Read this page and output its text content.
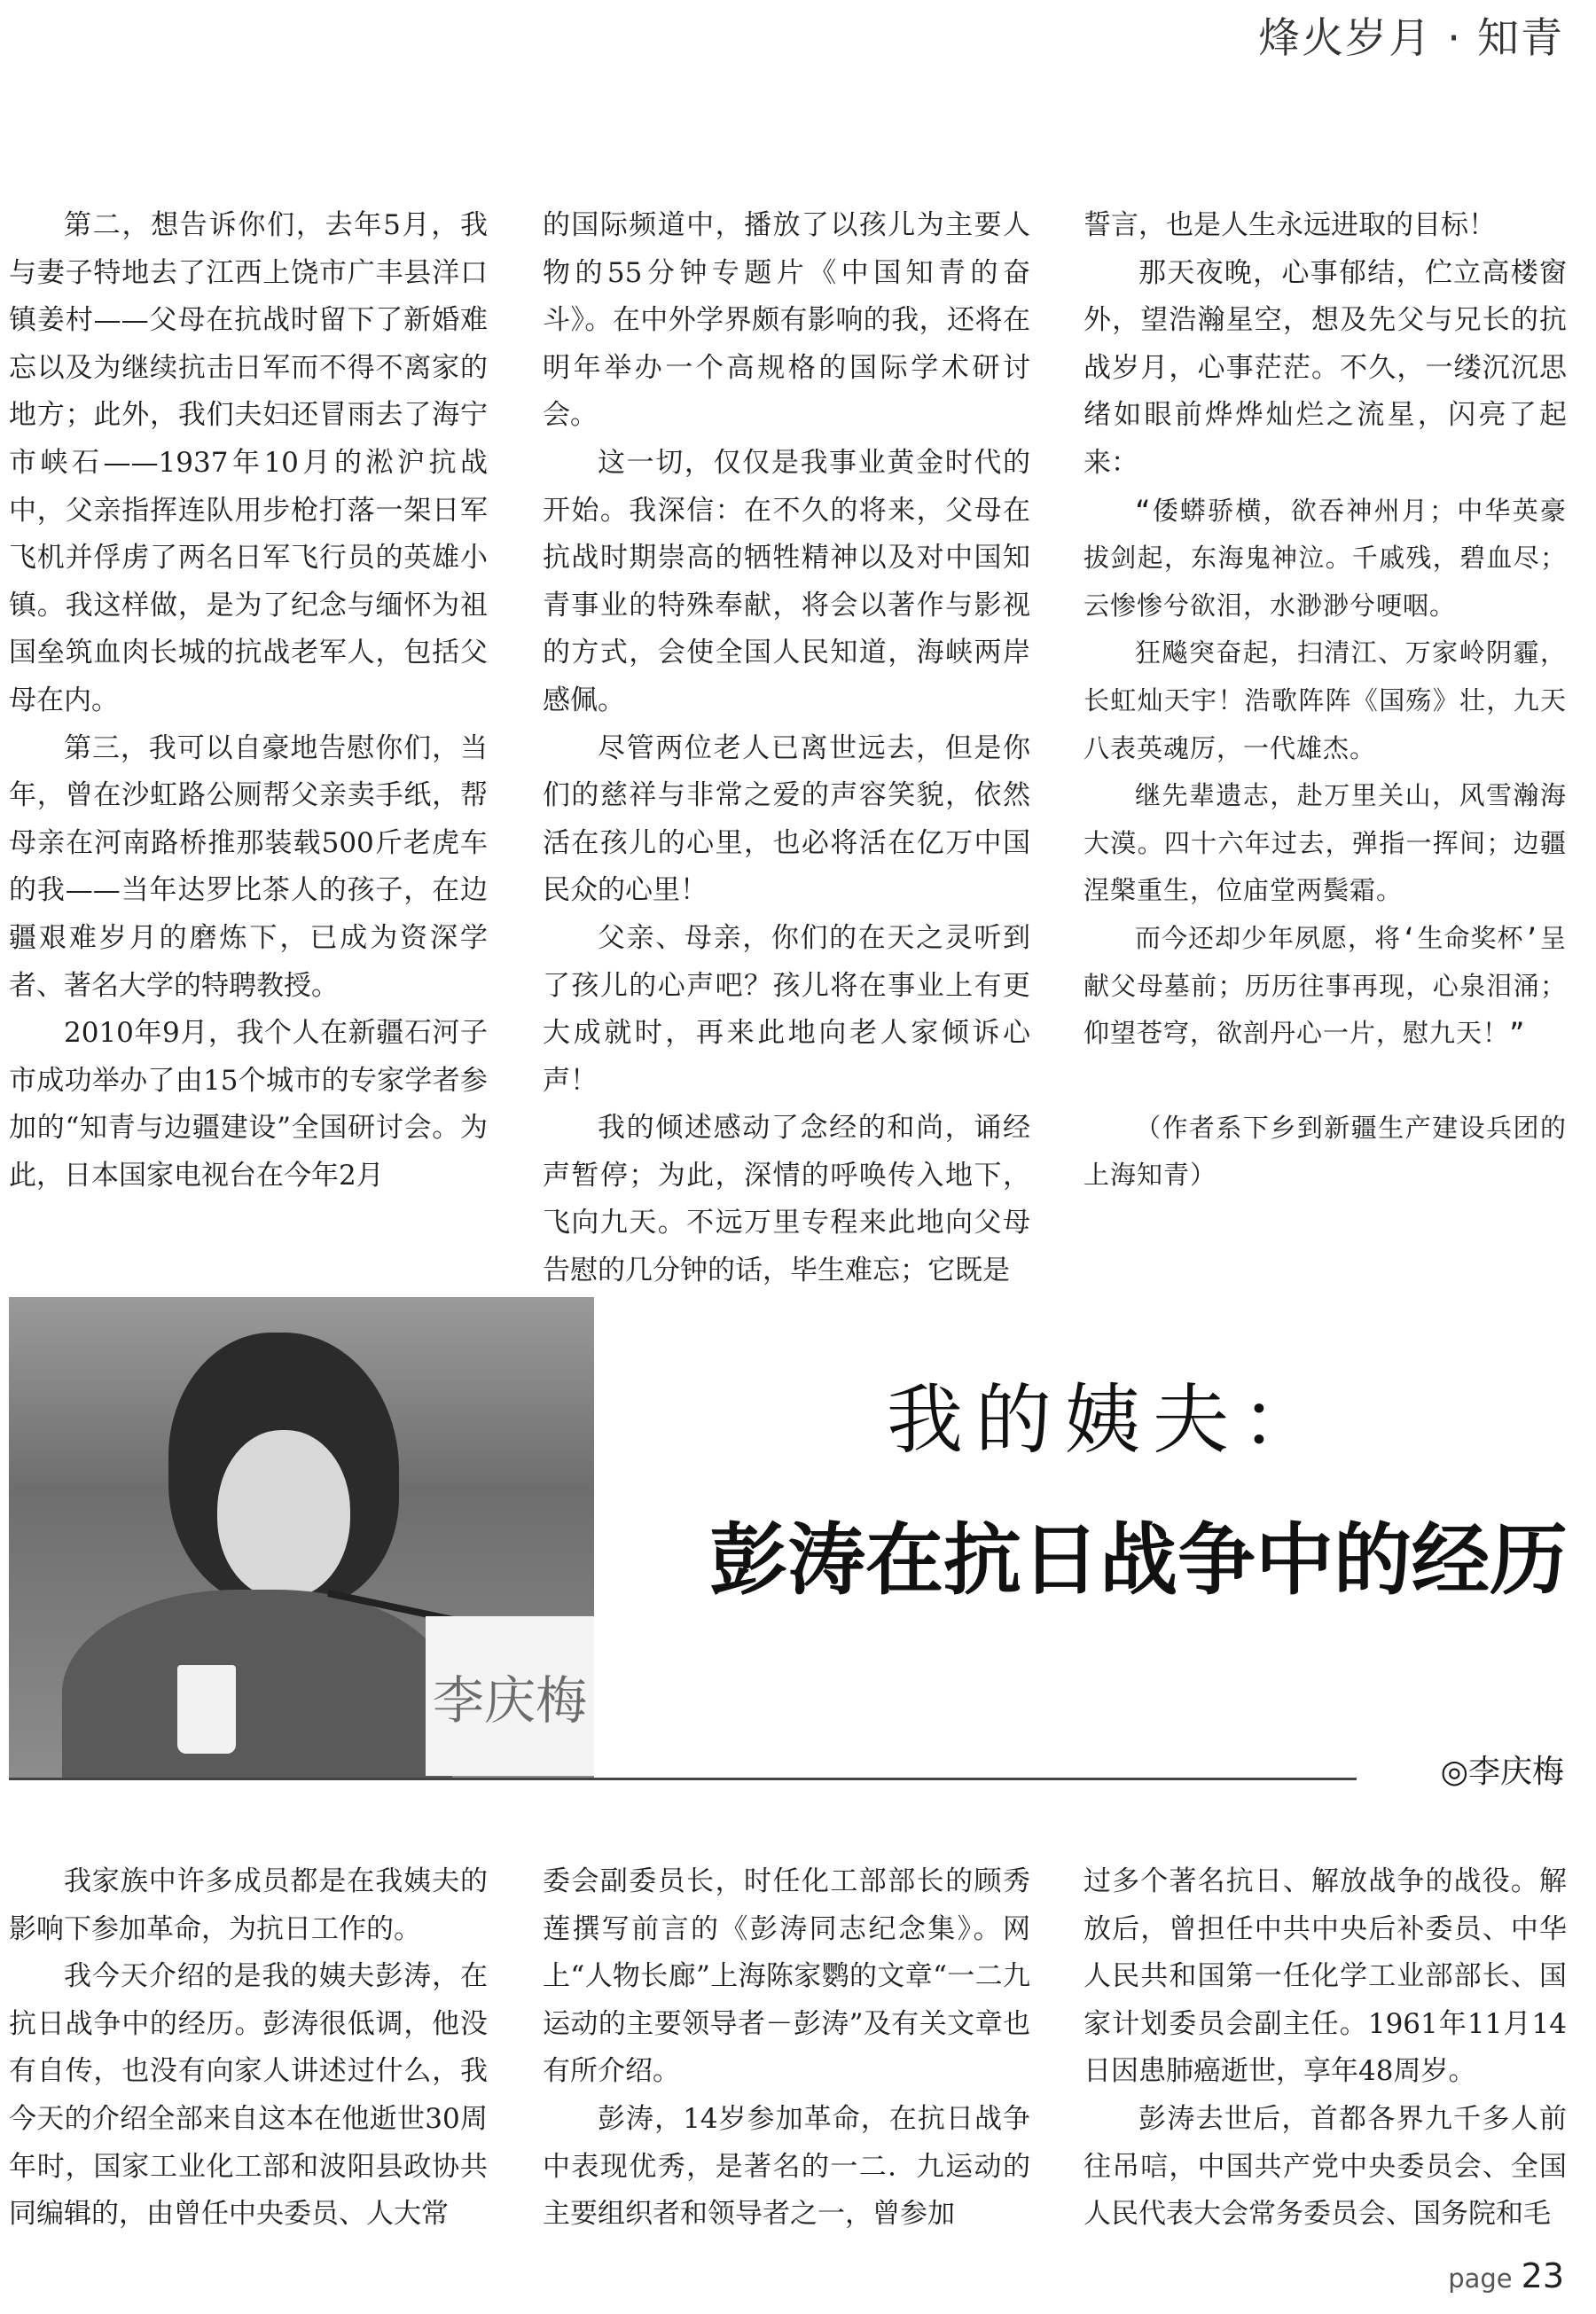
烽火岁月 · 知青

第二，想告诉你们，去年5月，我与妻子特地去了江西上饶市广丰县洋口镇姜村——父母在抗战时留下了新婚难忘以及为继续抗击日军而不得不离家的地方；此外，我们夫妇还冒雨去了海宁市峡石——1937年10月的淞沪抗战中，父亲指挥连队用步枪打落一架日军飞机并俘虏了两名日军飞行员的英雄小镇。我这样做，是为了纪念与缅怀为祖国垒筑血肉长城的抗战老军人，包括父母在内。

第三，我可以自豪地告慰你们，当年，曾在沙虹路公厕帮父亲卖手纸，帮母亲在河南路桥推那装载500斤老虎车的我——当年达罗比茶人的孩子，在边疆艰难岁月的磨炼下，已成为资深学者、著名大学的特聘教授。

2010年9月，我个人在新疆石河子市成功举办了由15个城市的专家学者参加的“知青与边疆建设”全国研讨会。为此，日本国家电视台在今年2月

的国际频道中，播放了以孩儿为主要人物的55分钟专题片《中国知青的奋斗》。在中外学界颇有影响的我，还将在明年举办一个高规格的国际学术研讨会。

这一切，仅仅是我事业黄金时代的开始。我深信：在不久的将来，父母在抗战时期崇高的牺牲精神以及对中国知青事业的特殊奉献，将会以著作与影视的方式，会使全国人民知道，海峡两岸感佩。

尽管两位老人已离世远去，但是你们的慈祥与非常之爱的声容笑貌，依然活在孩儿的心里，也必将活在亿万中国民众的心里！

父亲、母亲，你们的在天之灵听到了孩儿的心声吧？孩儿将在事业上有更大成就时，再来此地向老人家倾诉心声！

我的倾述感动了念经的和尚，诵经声暂停；为此，深情的呼唤传入地下，飞向九天。不远万里专程来此地向父母告慰的几分钟的话，毕生难忘；它既是

誓言，也是人生永远进取的目标！

那天夜晚，心事郁结，伫立高楼窗外，望浩瀚星空，想及先父与兄长的抗战岁月，心事茫茫。不久，一缕沉沉思绪如眼前烨烨灿烂之流星，闪亮了起来：

“倭蟒骄横，欲吞神州月；中华英豪拔剑起，东海鬼神泣。千戚残，碧血尽；云惨惨兮欲泪，水渺渺兮哽咽。

狂飚突奋起，扫清江、万家岭阴霾，长虹灿天宇！浩歌阵阵《国殇》壮，九天八表英魂厉，一代雄杰。

继先辈遗志，赴万里关山，风雪瀚海大漠。四十六年过去，弹指一挥间；边疆涅槃重生，位庙堂两鬓霜。

而今还却少年夙愿，将‘生命奖杯’呈献父母墓前；历历往事再现，心泉泪涌；仰望苍穹，欲剖丹心一片，慰九天！”

（作者系下乡到新疆生产建设兵团的上海知青）

李庆梅
我的姨夫：
彭涛在抗日战争中的经历
◎李庆梅

我家族中许多成员都是在我姨夫的影响下参加革命，为抗日工作的。

我今天介绍的是我的姨夫彭涛，在抗日战争中的经历。彭涛很低调，他没有自传，也没有向家人讲述过什么，我今天的介绍全部来自这本在他逝世30周年时，国家工业化工部和波阳县政协共同编辑的，由曾任中央委员、人大常

委会副委员长，时任化工部部长的顾秀莲撰写前言的《彭涛同志纪念集》。网上“人物长廊”上海陈家鹦的文章“一二九运动的主要领导者－彭涛”及有关文章也有所介绍。

彭涛，14岁参加革命，在抗日战争中表现优秀，是著名的一二．九运动的主要组织者和领导者之一，曾参加

过多个著名抗日、解放战争的战役。解放后，曾担任中共中央后补委员、中华人民共和国第一任化学工业部部长、国家计划委员会副主任。1961年11月14日因患肺癌逝世，享年48周岁。

彭涛去世后，首都各界九千多人前往吊唁，中国共产党中央委员会、全国人民代表大会常务委员会、国务院和毛

page 23
